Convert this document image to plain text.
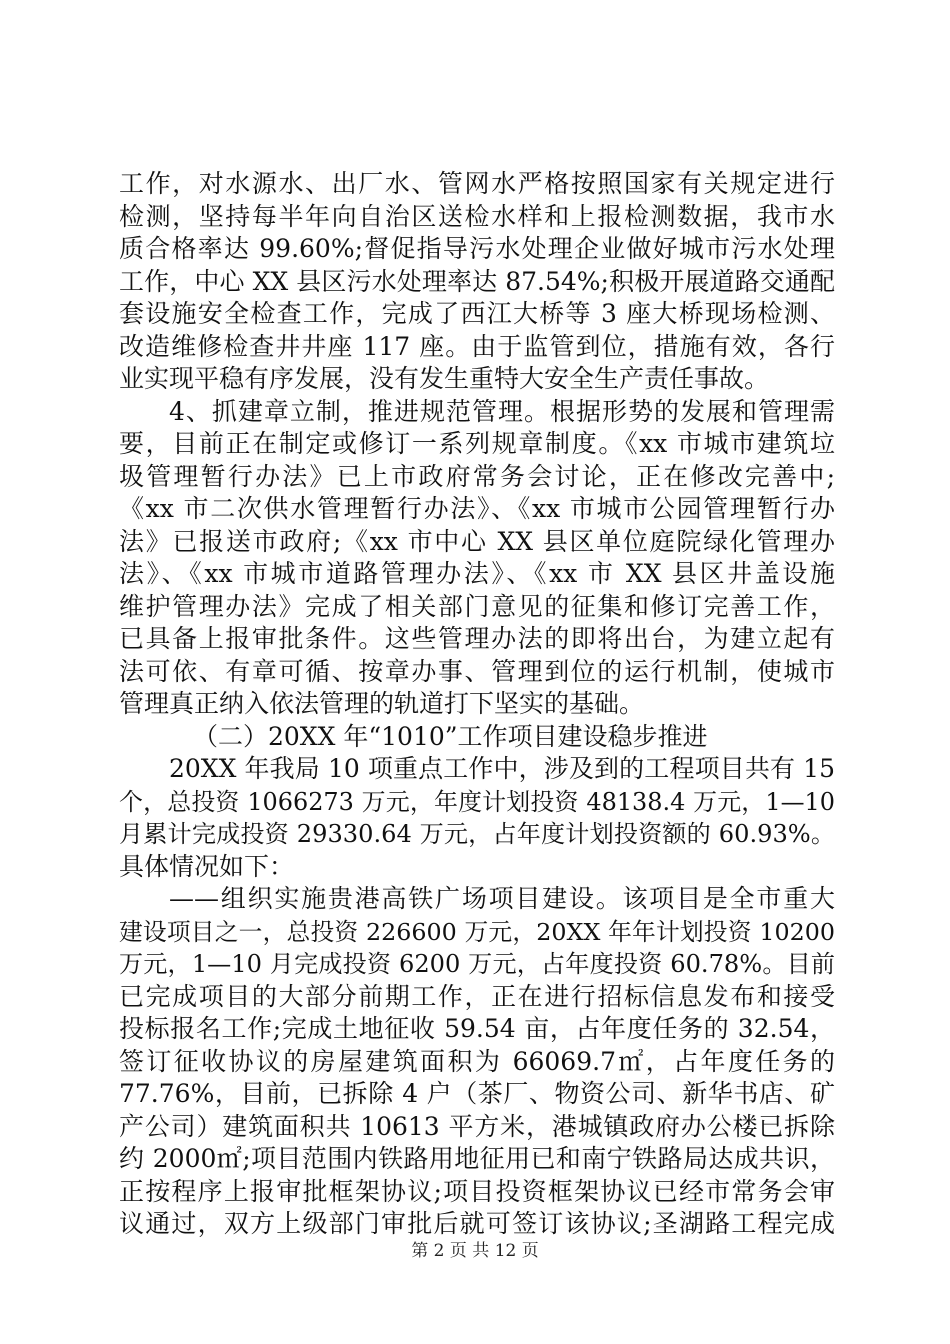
工作，对水源水、出厂水、管网水严格按照国家有关规定进行
检测，坚持每半年向自治区送检水样和上报检测数据，我市水
质合格率达 99.60%;督促指导污水处理企业做好城市污水处理
工作，中心 XX 县区污水处理率达 87.54%;积极开展道路交通配
套设施安全检查工作，完成了西江大桥等 3 座大桥现场检测、
改造维修检查井井座 117 座。由于监管到位，措施有效，各行
业实现平稳有序发展，没有发生重特大安全生产责任事故。
4、抓建章立制，推进规范管理。根据形势的发展和管理需
要，目前正在制定或修订一系列规章制度。《xx 市城市建筑垃
圾管理暂行办法》已上市政府常务会讨论，正在修改完善中;
《xx 市二次供水管理暂行办法》、《xx 市城市公园管理暂行办
法》已报送市政府;《xx 市中心 XX 县区单位庭院绿化管理办
法》、《xx 市城市道路管理办法》、《xx 市 XX 县区井盖设施
维护管理办法》完成了相关部门意见的征集和修订完善工作，
已具备上报审批条件。这些管理办法的即将出台，为建立起有
法可依、有章可循、按章办事、管理到位的运行机制，使城市
管理真正纳入依法管理的轨道打下坚实的基础。
（二）20XX 年“1010”工作项目建设稳步推进
20XX 年我局 10 项重点工作中，涉及到的工程项目共有 15
个，总投资 1066273 万元，年度计划投资 48138.4 万元，1—10
月累计完成投资 29330.64 万元，占年度计划投资额的 60.93%。
具体情况如下：
——组织实施贵港高铁广场项目建设。该项目是全市重大
建设项目之一，总投资 226600 万元，20XX 年年计划投资 10200
万元，1—10 月完成投资 6200 万元，占年度投资 60.78%。目前
已完成项目的大部分前期工作，正在进行招标信息发布和接受
投标报名工作;完成土地征收 59.54 亩，占年度任务的 32.54，
签订征收协议的房屋建筑面积为 66069.7㎡，占年度任务的
77.76%，目前，已拆除 4 户（茶厂、物资公司、新华书店、矿
产公司）建筑面积共 10613 平方米，港城镇政府办公楼已拆除
约 2000㎡;项目范围内铁路用地征用已和南宁铁路局达成共识，
正按程序上报审批框架协议;项目投资框架协议已经市常务会审
议通过，双方上级部门审批后就可签订该协议;圣湖路工程完成
第 2 页 共 12 页
